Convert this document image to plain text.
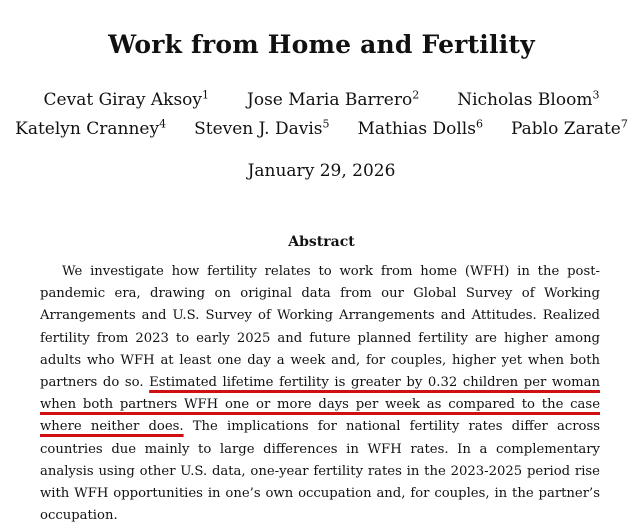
Work from Home and Fertility
Cevat Giray Aksoy$^1$ Jose Maria Barrero$^2$ Nicholas Bloom$^3$
Katelyn Cranney$^4$ Steven J. Davis$^5$ Mathias Dolls$^6$ Pablo Zarate$^7$
January 29, 2026
Abstract

We investigate how fertility relates to work from home (WFH) in the post-pandemic era, drawing on original data from our Global Survey of Working Arrangements and U.S. Survey of Working Arrangements and Attitudes. Realized fertility from 2023 to early 2025 and future planned fertility are higher among adults who WFH at least one day a week and, for couples, higher yet when both partners do so. Estimated lifetime fertility is greater by 0.32 children per woman when both partners WFH one or more days per week as compared to the case where neither does. The implications for national fertility rates differ across countries due mainly to large differences in WFH rates. In a complementary analysis using other U.S. data, one-year fertility rates in the 2023-2025 period rise with WFH opportunities in one’s own occupation and, for couples, in the partner’s occupation.
